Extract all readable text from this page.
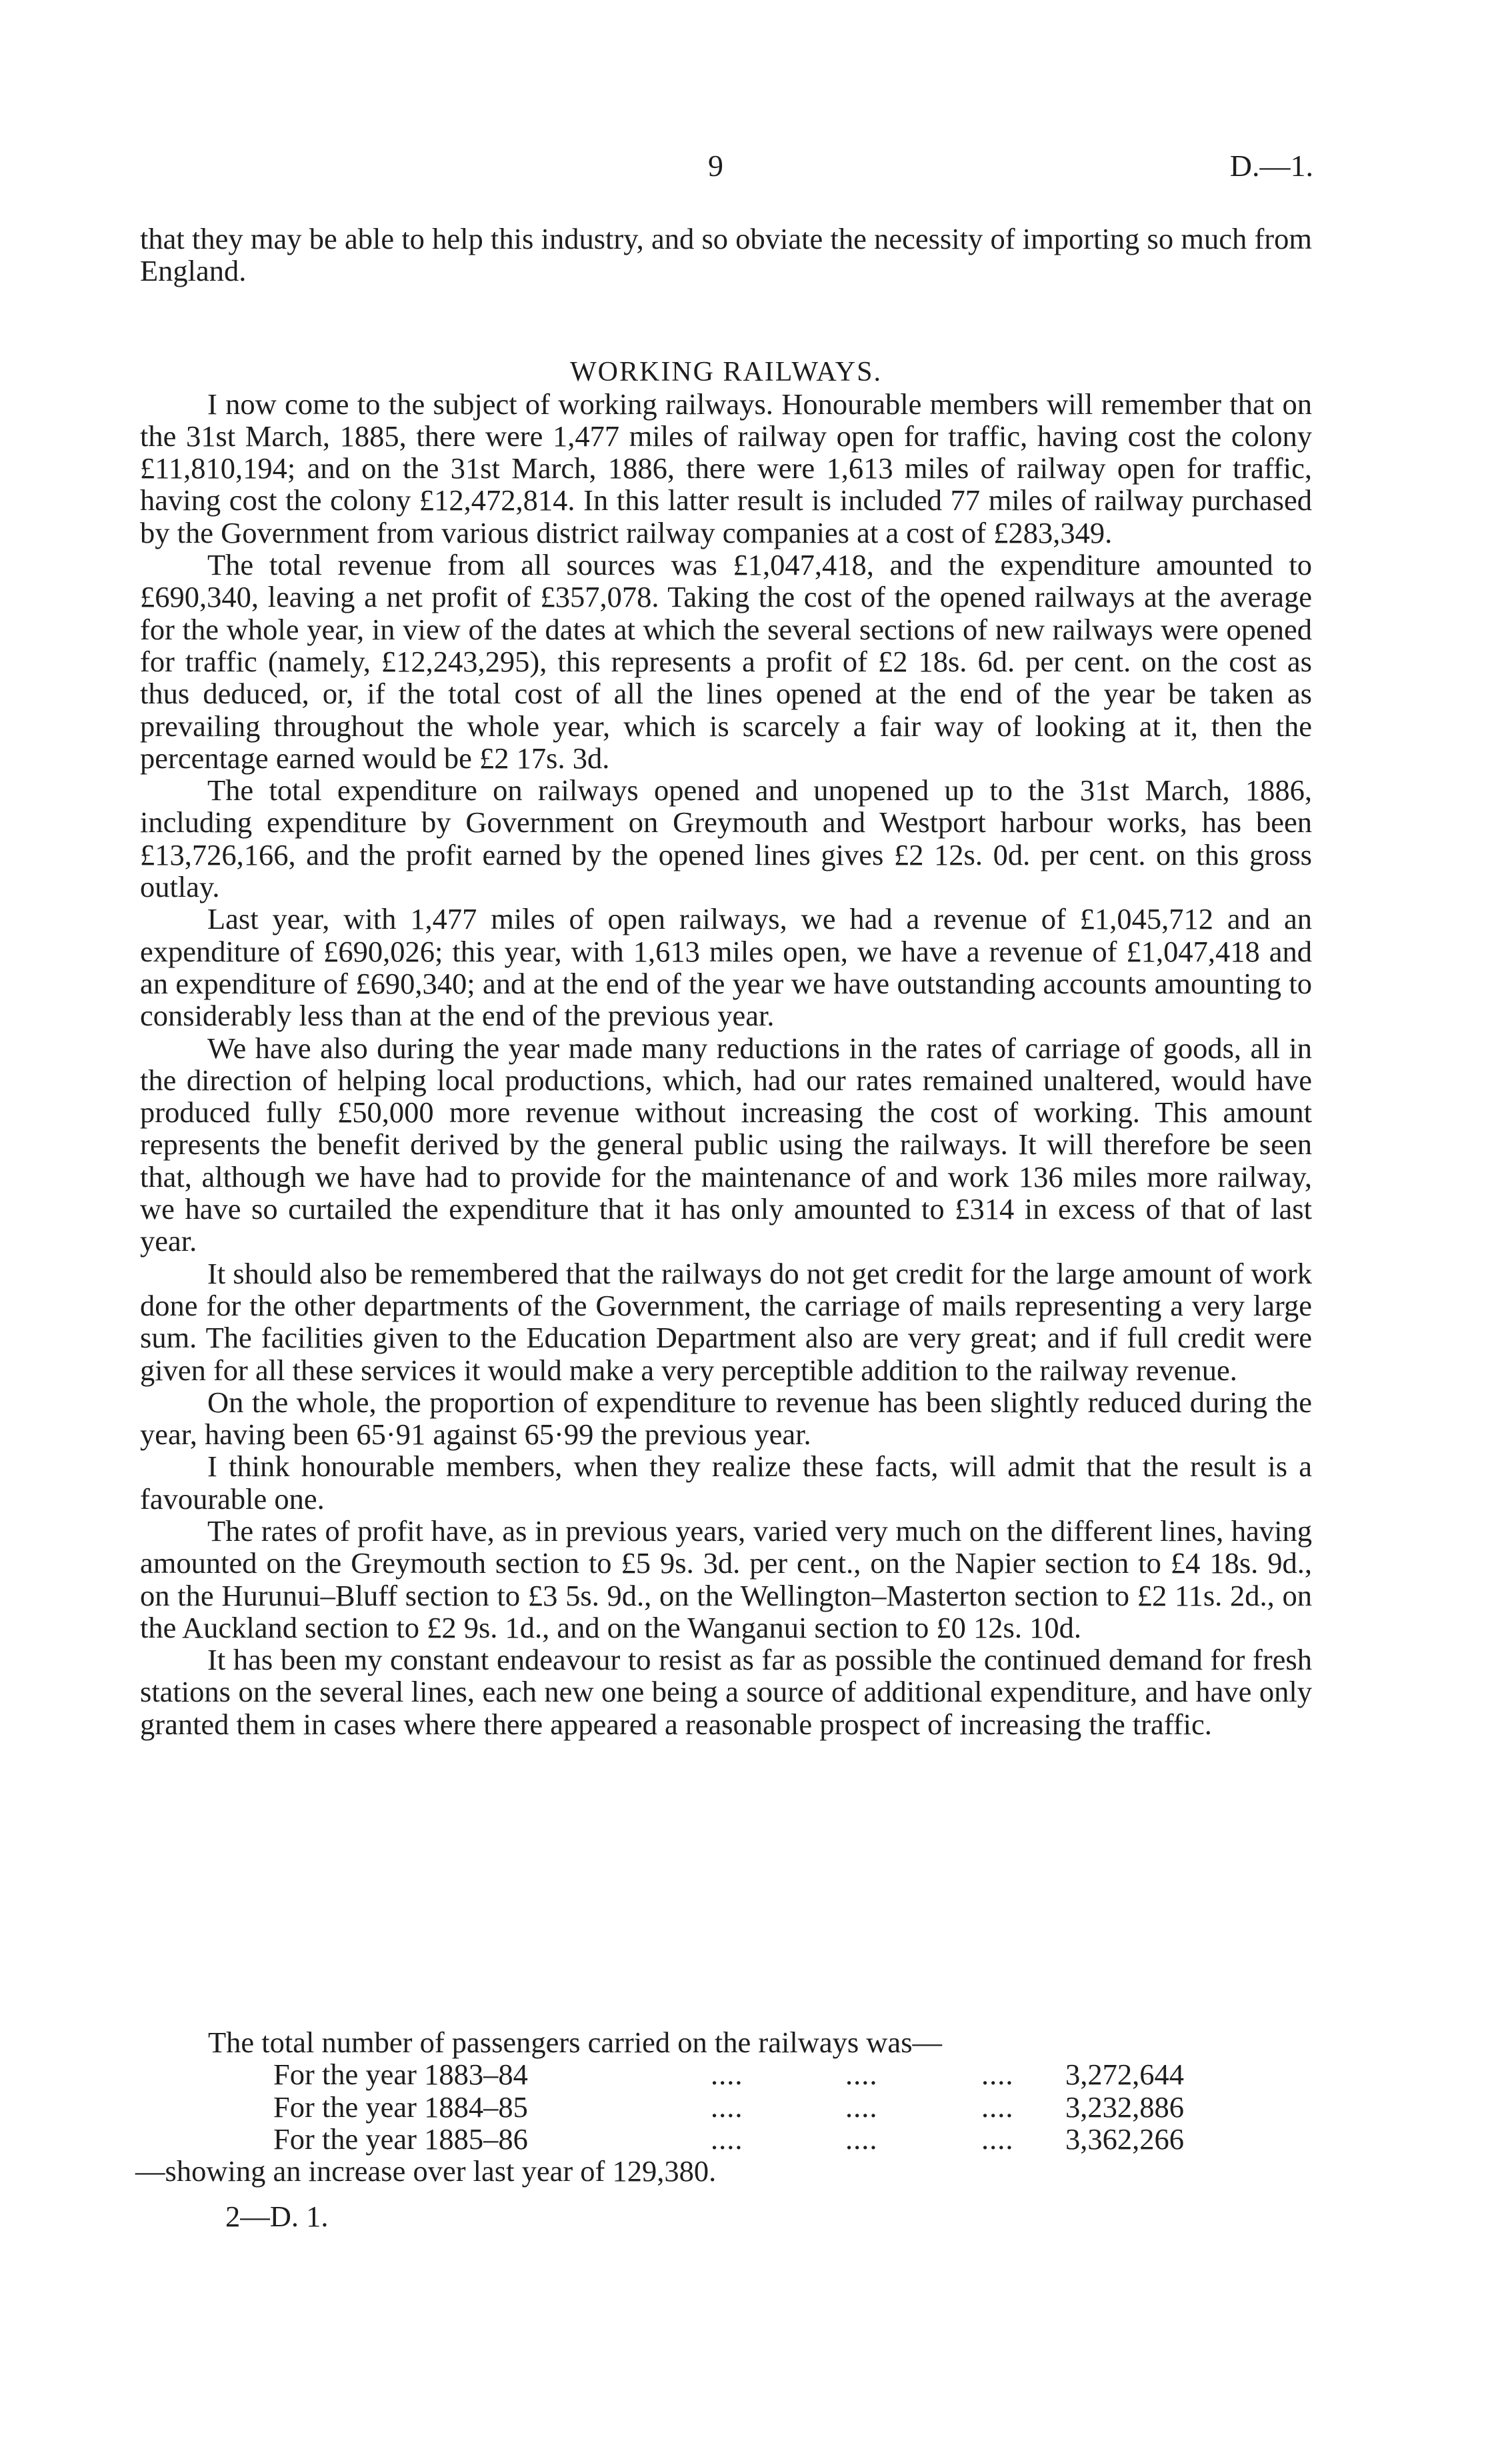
9	D.—1.

that they may be able to help this industry, and so obviate the necessity of importing so much from England.

WORKING RAILWAYS.

I now come to the subject of working railways. Honourable members will remember that on the 31st March, 1885, there were 1,477 miles of railway open for traffic, having cost the colony £11,810,194; and on the 31st March, 1886, there were 1,613 miles of railway open for traffic, having cost the colony £12,472,814. In this latter result is included 77 miles of railway purchased by the Government from various district railway companies at a cost of £283,349.

The total revenue from all sources was £1,047,418, and the expenditure amounted to £690,340, leaving a net profit of £357,078. Taking the cost of the opened railways at the average for the whole year, in view of the dates at which the several sections of new railways were opened for traffic (namely, £12,243,295), this represents a profit of £2 18s. 6d. per cent. on the cost as thus deduced, or, if the total cost of all the lines opened at the end of the year be taken as prevailing throughout the whole year, which is scarcely a fair way of looking at it, then the percentage earned would be £2 17s. 3d.

The total expenditure on railways opened and unopened up to the 31st March, 1886, including expenditure by Government on Greymouth and Westport harbour works, has been £13,726,166, and the profit earned by the opened lines gives £2 12s. 0d. per cent. on this gross outlay.

Last year, with 1,477 miles of open railways, we had a revenue of £1,045,712 and an expenditure of £690,026; this year, with 1,613 miles open, we have a revenue of £1,047,418 and an expenditure of £690,340; and at the end of the year we have outstanding accounts amounting to considerably less than at the end of the previous year.

We have also during the year made many reductions in the rates of carriage of goods, all in the direction of helping local productions, which, had our rates remained unaltered, would have produced fully £50,000 more revenue without increasing the cost of working. This amount represents the benefit derived by the general public using the railways. It will therefore be seen that, although we have had to provide for the maintenance of and work 136 miles more railway, we have so curtailed the expenditure that it has only amounted to £314 in excess of that of last year.

It should also be remembered that the railways do not get credit for the large amount of work done for the other departments of the Government, the carriage of mails representing a very large sum. The facilities given to the Education Department also are very great; and if full credit were given for all these services it would make a very perceptible addition to the railway revenue.

On the whole, the proportion of expenditure to revenue has been slightly reduced during the year, having been 65·91 against 65·99 the previous year.

I think honourable members, when they realize these facts, will admit that the result is a favourable one.

The rates of profit have, as in previous years, varied very much on the different lines, having amounted on the Greymouth section to £5 9s. 3d. per cent., on the Napier section to £4 18s. 9d., on the Hurunui–Bluff section to £3 5s. 9d., on the Wellington–Masterton section to £2 11s. 2d., on the Auckland section to £2 9s. 1d., and on the Wanganui section to £0 12s. 10d.

It has been my constant endeavour to resist as far as possible the continued demand for fresh stations on the several lines, each new one being a source of additional expenditure, and have only granted them in cases where there appeared a reasonable prospect of increasing the traffic.

The total number of passengers carried on the railways was—
For the year 1883–84	....	....	.... 3,272,644
For the year 1884–85	....	....	.... 3,232,886
For the year 1885–86	....	....	.... 3,362,266
—showing an increase over last year of 129,380.
2—D. 1.
